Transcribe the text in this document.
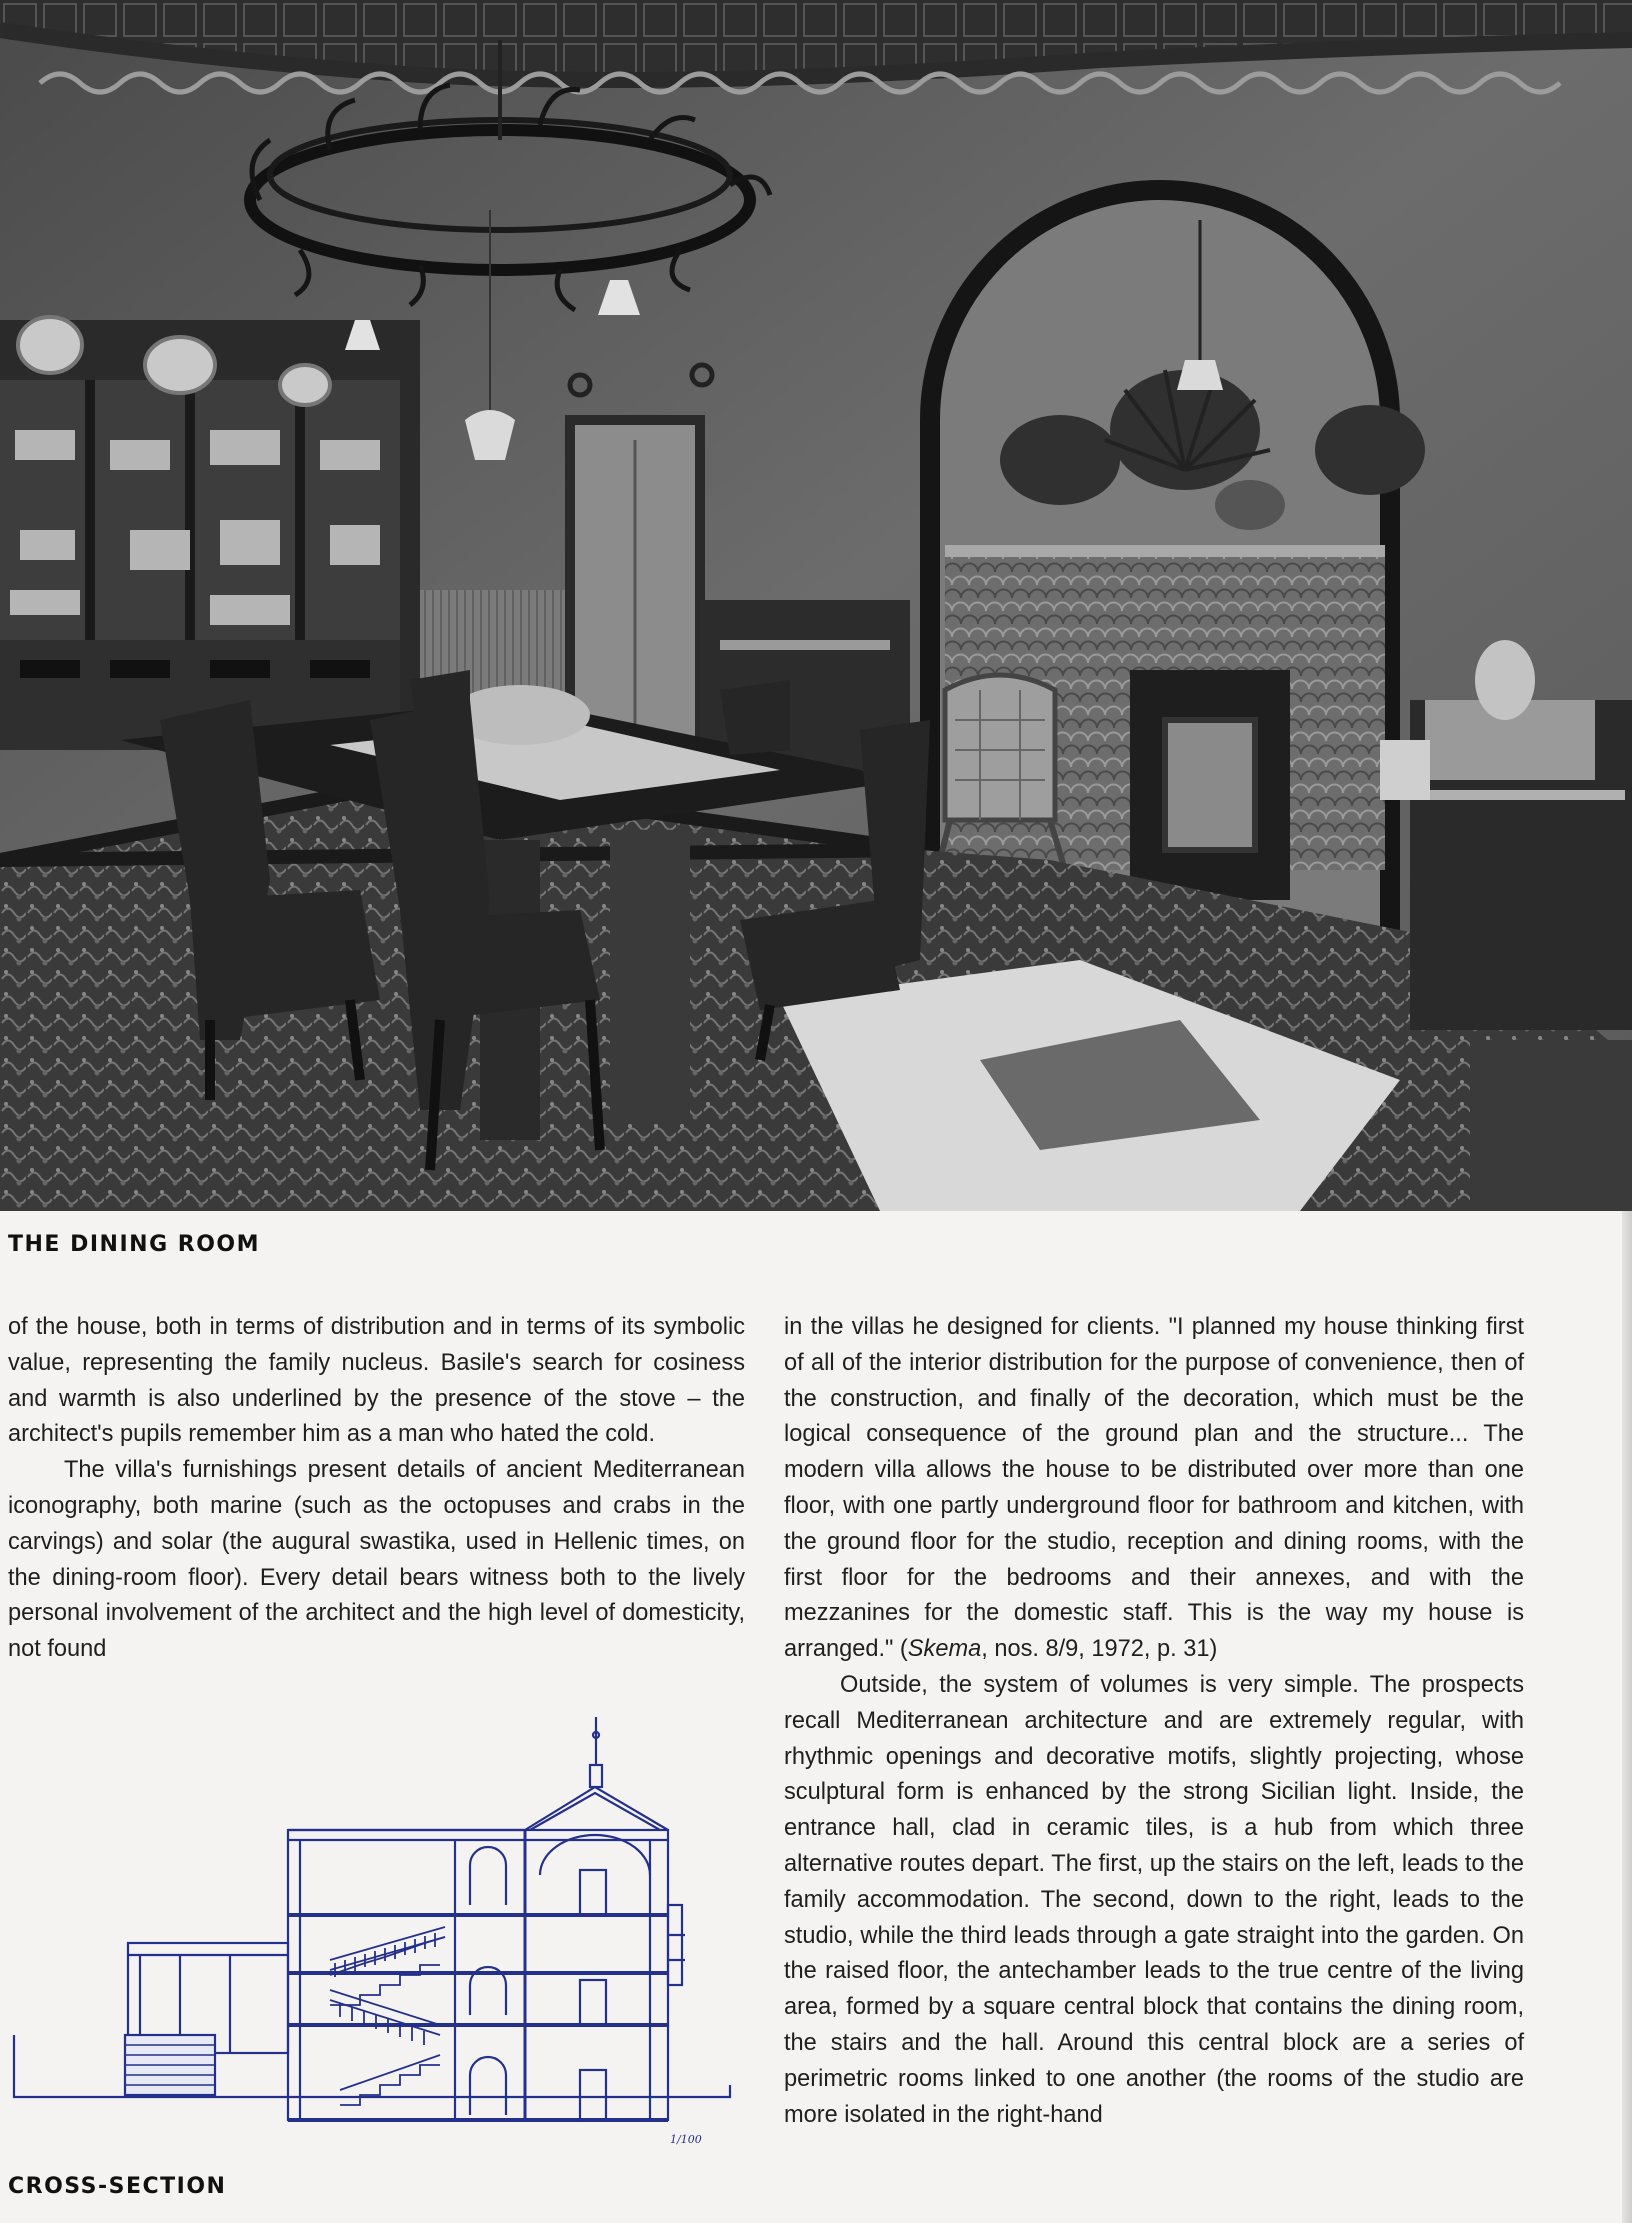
THE DINING ROOM

of the house, both in terms of distribution and in terms of its symbolic value, representing the family nucleus. Basile's search for cosiness and warmth is also underlined by the presence of the stove – the architect's pupils remember him as a man who hated the cold.

The villa's furnishings present details of ancient Mediterranean iconography, both marine (such as the octopuses and crabs in the carvings) and solar (the augural swastika, used in Hellenic times, on the dining-room floor). Every detail bears witness both to the lively personal involvement of the architect and the high level of domesticity, not found

in the villas he designed for clients. "I planned my house thinking first of all of the interior distribution for the purpose of convenience, then of the construction, and finally of the decoration, which must be the logical consequence of the ground plan and the structure... The modern villa allows the house to be distributed over more than one floor, with one partly underground floor for bathroom and kitchen, with the ground floor for the studio, reception and dining rooms, with the first floor for the bedrooms and their annexes, and with the mezzanines for the domestic staff. This is the way my house is arranged." (Skema, nos. 8/9, 1972, p. 31)

Outside, the system of volumes is very simple. The prospects recall Mediterranean architecture and are extremely regular, with rhythmic openings and decorative motifs, slightly projecting, whose sculptural form is enhanced by the strong Sicilian light. Inside, the entrance hall, clad in ceramic tiles, is a hub from which three alternative routes depart. The first, up the stairs on the left, leads to the family accommodation. The second, down to the right, leads to the studio, while the third leads through a gate straight into the garden. On the raised floor, the antechamber leads to the true centre of the living area, formed by a square central block that contains the dining room, the stairs and the hall. Around this central block are a series of perimetric rooms linked to one another (the rooms of the studio are more isolated in the right-hand

1/100
CROSS-SECTION
